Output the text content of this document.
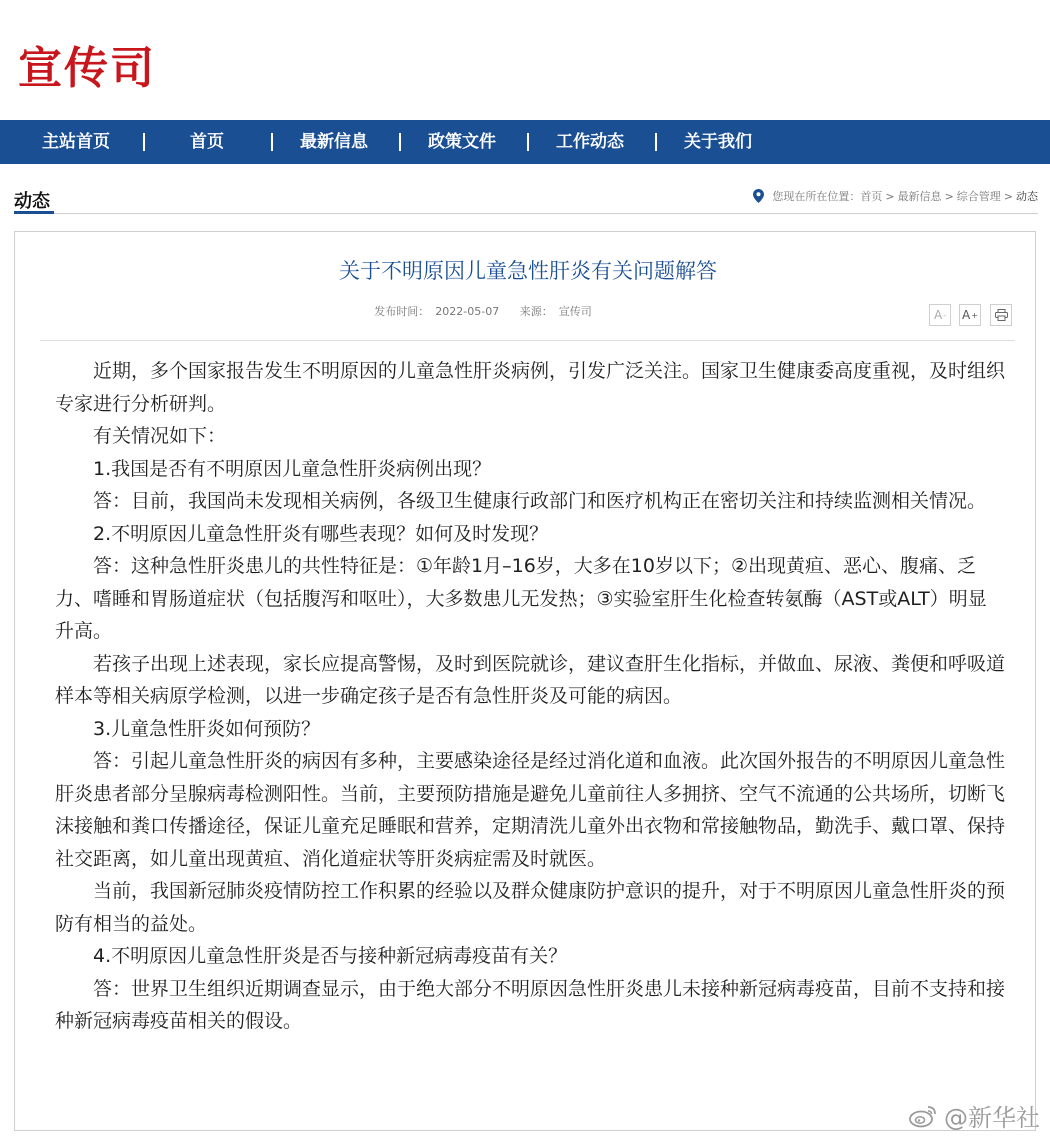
宣传司
主站首页	首页	最新信息	政策文件	工作动态	关于我们
动态	您现在所在位置： 首页 > 最新信息 > 综合管理 > 动态
关于不明原因儿童急性肝炎有关问题解答
发布时间： 2022-05-07 来源： 宣传司	A - A +

近期，多个国家报告发生不明原因的儿童急性肝炎病例，引发广泛关注。国家卫生健康委高度重视，及时组织专家进行分析研判。

有关情况如下：

1.我国是否有不明原因儿童急性肝炎病例出现？

答：目前，我国尚未发现相关病例，各级卫生健康行政部门和医疗机构正在密切关注和持续监测相关情况。

2.不明原因儿童急性肝炎有哪些表现？如何及时发现？

答：这种急性肝炎患儿的共性特征是：①年龄1月–16岁，大多在10岁以下；②出现黄疸、恶心、腹痛、乏力、嗜睡和胃肠道症状（包括腹泻和呕吐），大多数患儿无发热；③实验室肝生化检查转氨酶（AST或ALT）明显升高。

若孩子出现上述表现，家长应提高警惕，及时到医院就诊，建议查肝生化指标，并做血、尿液、粪便和呼吸道样本等相关病原学检测，以进一步确定孩子是否有急性肝炎及可能的病因。

3.儿童急性肝炎如何预防？

答：引起儿童急性肝炎的病因有多种，主要感染途径是经过消化道和血液。此次国外报告的不明原因儿童急性肝炎患者部分呈腺病毒检测阳性。当前，主要预防措施是避免儿童前往人多拥挤、空气不流通的公共场所，切断飞沫接触和粪口传播途径，保证儿童充足睡眠和营养，定期清洗儿童外出衣物和常接触物品，勤洗手、戴口罩、保持社交距离，如儿童出现黄疸、消化道症状等肝炎病症需及时就医。

当前，我国新冠肺炎疫情防控工作积累的经验以及群众健康防护意识的提升，对于不明原因儿童急性肝炎的预防有相当的益处。

4.不明原因儿童急性肝炎是否与接种新冠病毒疫苗有关？

答：世界卫生组织近期调查显示，由于绝大部分不明原因急性肝炎患儿未接种新冠病毒疫苗，目前不支持和接种新冠病毒疫苗相关的假设。

@新华社
